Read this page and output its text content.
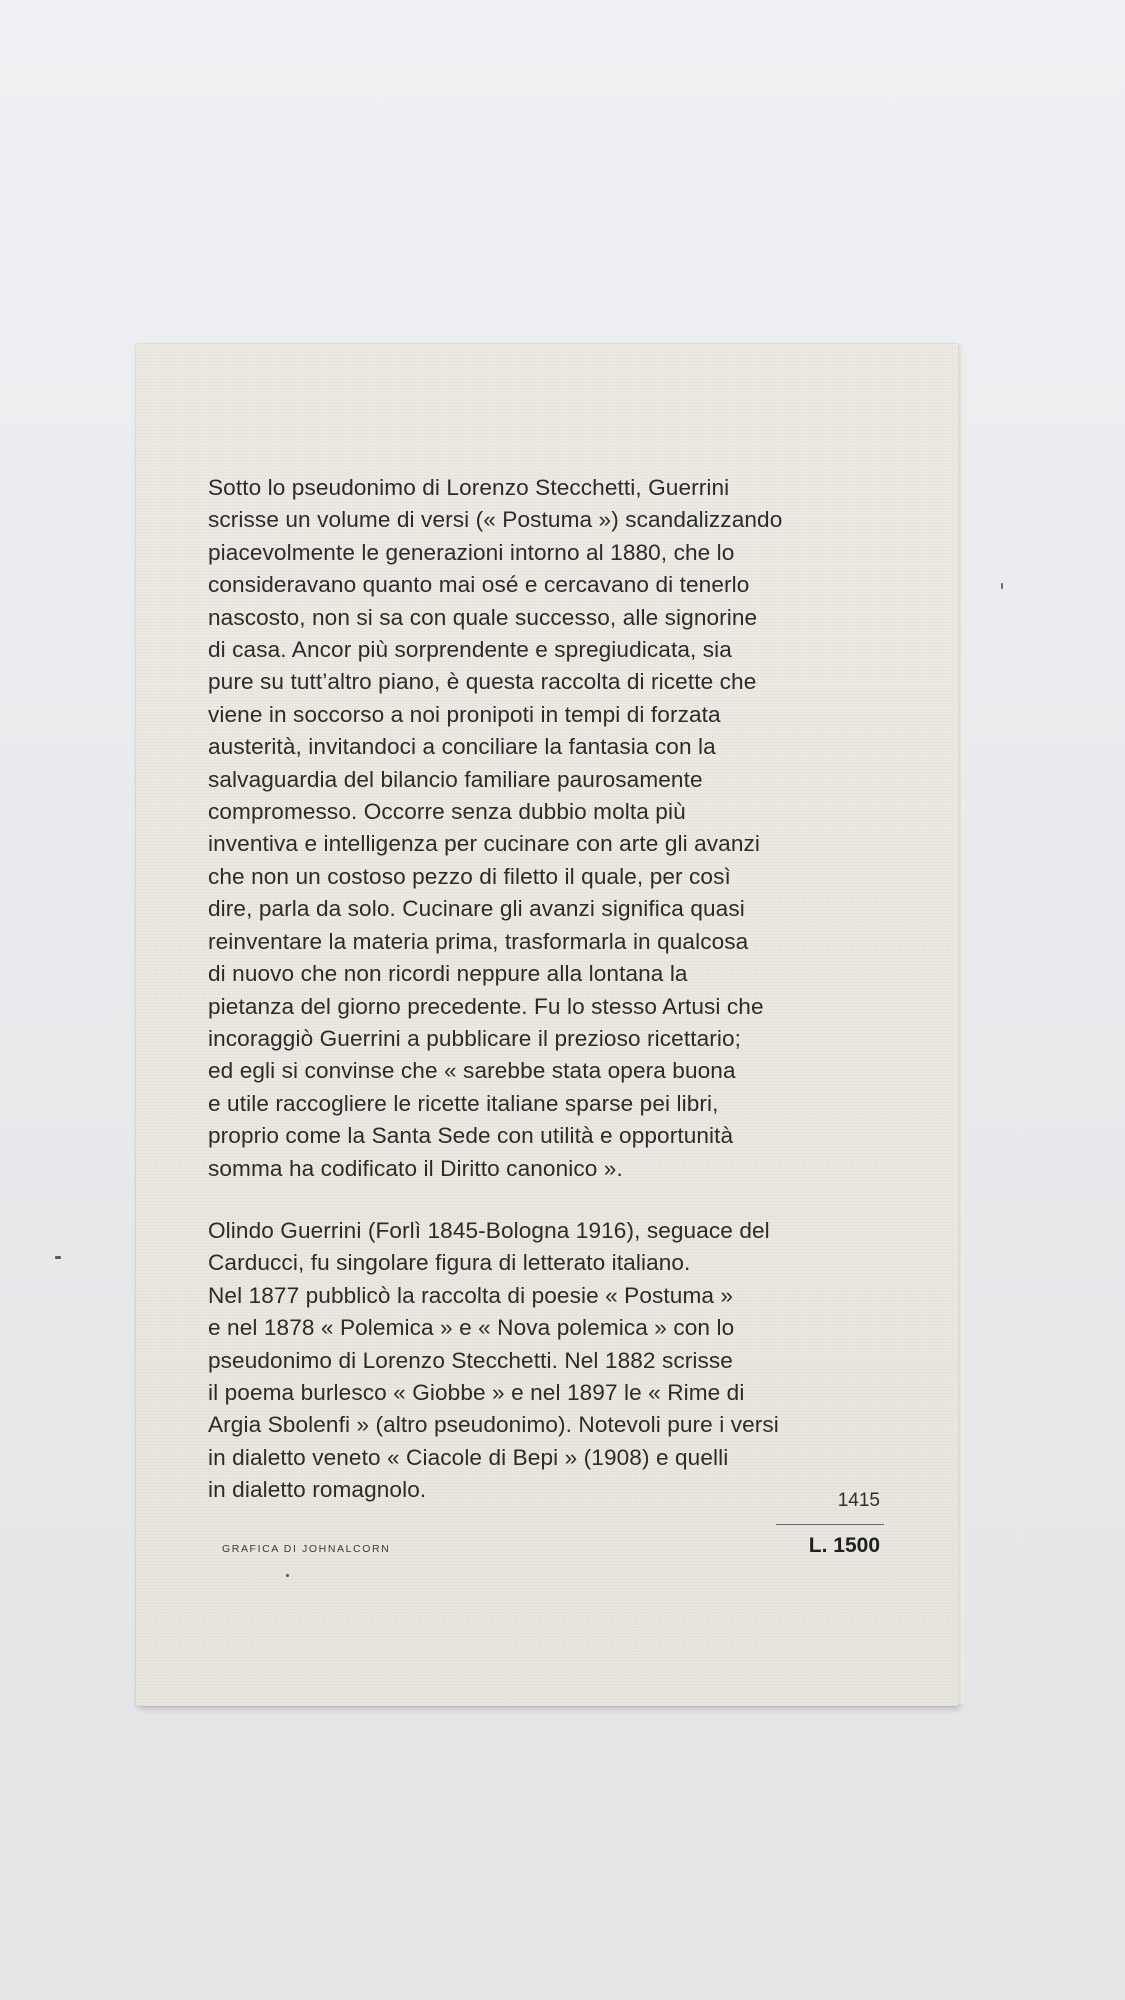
Sotto lo pseudonimo di Lorenzo Stecchetti, Guerrini
scrisse un volume di versi (« Postuma ») scandalizzando
piacevolmente le generazioni intorno al 1880, che lo
consideravano quanto mai osé e cercavano di tenerlo
nascosto, non si sa con quale successo, alle signorine
di casa. Ancor più sorprendente e spregiudicata, sia
pure su tutt’altro piano, è questa raccolta di ricette che
viene in soccorso a noi pronipoti in tempi di forzata
austerità, invitandoci a conciliare la fantasia con la
salvaguardia del bilancio familiare paurosamente
compromesso. Occorre senza dubbio molta più
inventiva e intelligenza per cucinare con arte gli avanzi
che non un costoso pezzo di filetto il quale, per così
dire, parla da solo. Cucinare gli avanzi significa quasi
reinventare la materia prima, trasformarla in qualcosa
di nuovo che non ricordi neppure alla lontana la
pietanza del giorno precedente. Fu lo stesso Artusi che
incoraggiò Guerrini a pubblicare il prezioso ricettario;
ed egli si convinse che « sarebbe stata opera buona
e utile raccogliere le ricette italiane sparse pei libri,
proprio come la Santa Sede con utilità e opportunità
somma ha codificato il Diritto canonico ».

Olindo Guerrini (Forlì 1845-Bologna 1916), seguace del
Carducci, fu singolare figura di letterato italiano.
Nel 1877 pubblicò la raccolta di poesie « Postuma »
e nel 1878 « Polemica » e « Nova polemica » con lo
pseudonimo di Lorenzo Stecchetti. Nel 1882 scrisse
il poema burlesco « Giobbe » e nel 1897 le « Rime di
Argia Sbolenfi » (altro pseudonimo). Notevoli pure i versi
in dialetto veneto « Ciacole di Bepi » (1908) e quelli
in dialetto romagnolo.

GRAFICA DI JOHNALCORN
1415
L. 1500
